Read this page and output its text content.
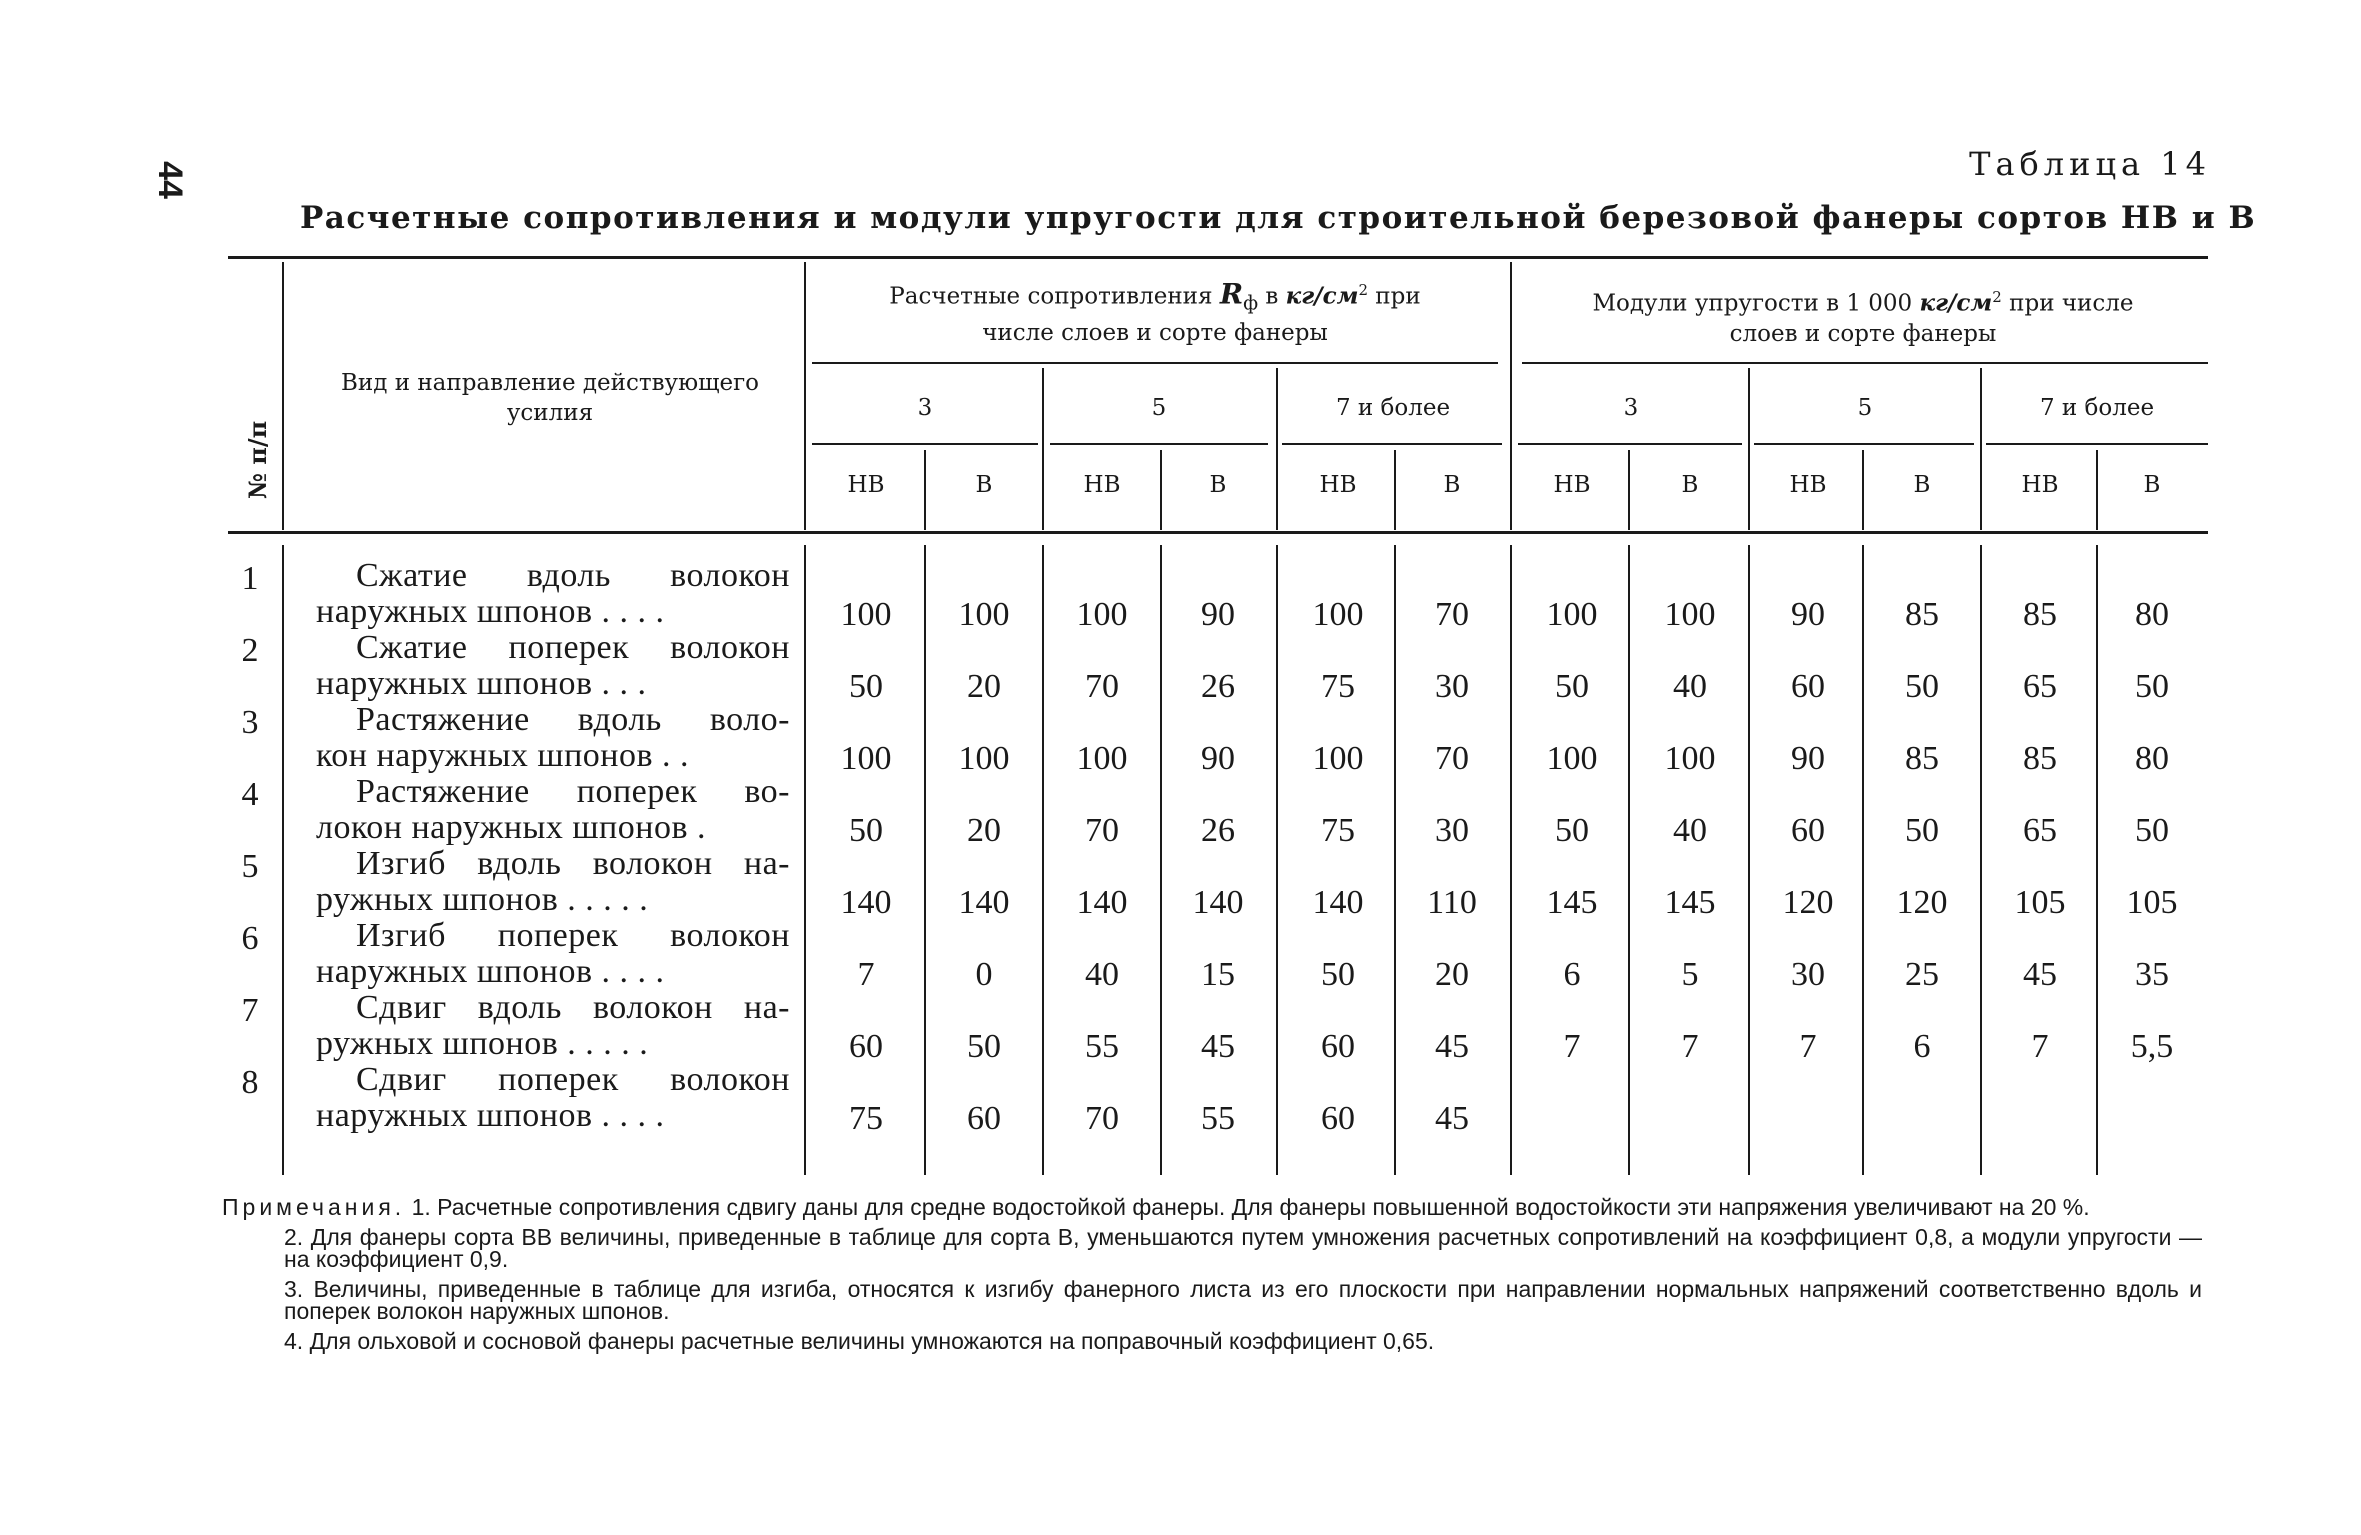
44	Таблица 14
Расчетные сопротивления и модули упругости для строительной березовой фанеры сортов НВ и В
№ п/п
Вид и направление действующего усилия
Расчетные сопротивления $R_ф$ в $кг/см^2$ при
числе слоев и сорте фанеры
Модули упругости в 1 000 $кг/см^2$ при числе
слоев и сорте фанеры
3	5	7 и более	3	5	7 и более
НВ	В	НВ	В	НВ	В	НВ	В	НВ	В	НВ	В
1	Сжатие вдоль волокон
наружных шпонов . . . .	100	100	100	90	100	70	100	100	90	85	85	80
2	Сжатие поперек волокон
наружных шпонов . . .	50	20	70	26	75	30	50	40	60	50	65	50
3	Растяжение вдоль воло-
кон наружных шпонов . .	100	100	100	90	100	70	100	100	90	85	85	80
4	Растяжение поперек во-
локон наружных шпонов .	50	20	70	26	75	30	50	40	60	50	65	50
5	Изгиб вдоль волокон на-
ружных шпонов . . . . .	140	140	140	140	140	110	145	145	120	120	105	105
6	Изгиб поперек волокон
наружных шпонов . . . .	7	0	40	15	50	20	6	5	30	25	45	35
7	Сдвиг вдоль волокон на-
ружных шпонов . . . . .	60	50	55	45	60	45	7	7	7	6	7	5,5
8	Сдвиг поперек волокон
наружных шпонов . . . .	75	60	70	55	60	45

Примечания. 1. Расчетные сопротивления сдвигу даны для средне водостойкой фанеры. Для фанеры повышенной водостойкости эти напряжения увеличивают на 20 %.

2. Для фанеры сорта ВВ величины, приведенные в таблице для сорта В, уменьшаются путем умножения расчетных сопротивлений на коэффициент 0,8, а модули упругости — на коэффициент 0,9.

3. Величины, приведенные в таблице для изгиба, относятся к изгибу фанерного листа из его плоскости при направлении нормальных напряжений соответственно вдоль и поперек волокон наружных шпонов.

4. Для ольховой и сосновой фанеры расчетные величины умножаются на поправочный коэффициент 0,65.
